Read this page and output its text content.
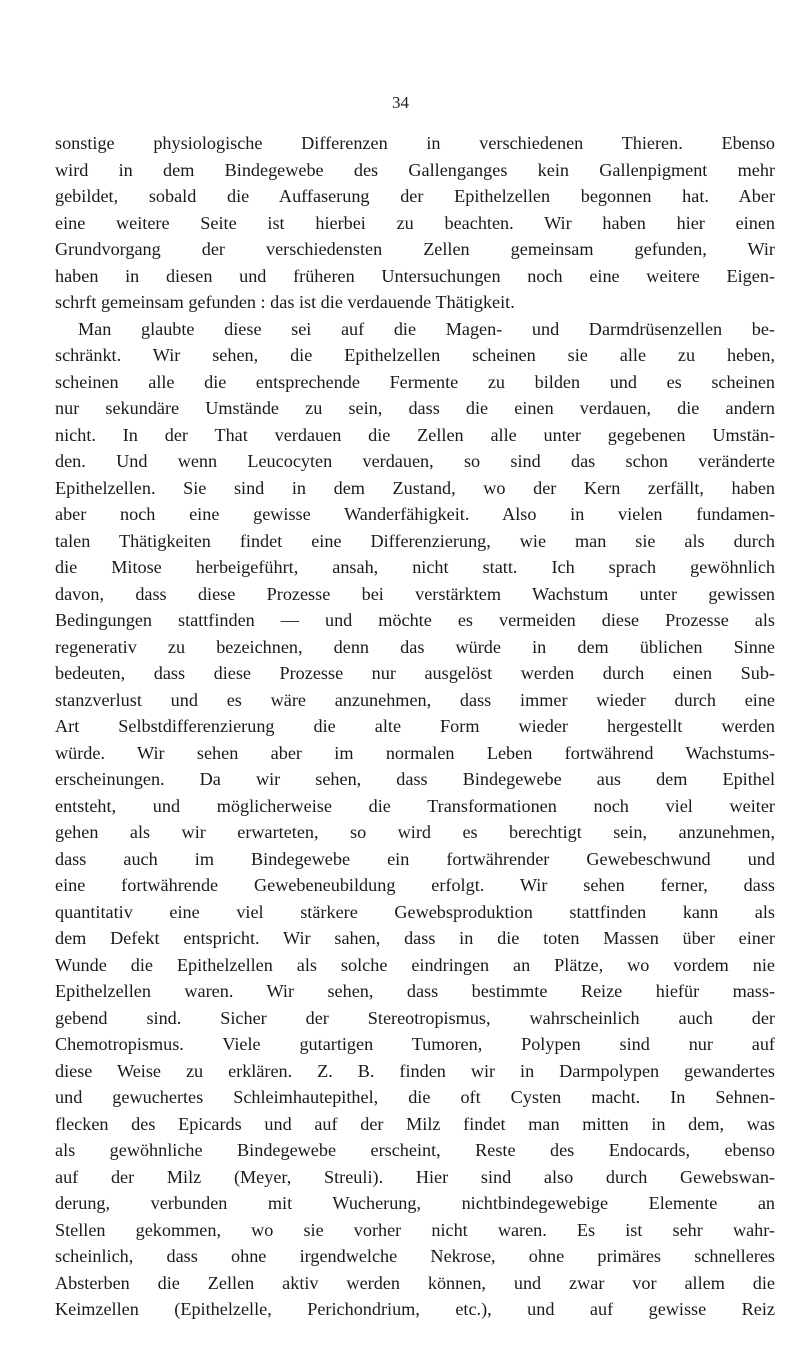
34
sonstige physiologische Differenzen in verschiedenen Thieren. Ebenso
wird in dem Bindegewebe des Gallenganges kein Gallenpigment mehr
gebildet, sobald die Auffaserung der Epithelzellen begonnen hat. Aber
eine weitere Seite ist hierbei zu beachten. Wir haben hier einen
Grundvorgang der verschiedensten Zellen gemeinsam gefunden, Wir
haben in diesen und früheren Untersuchungen noch eine weitere Eigen-
schrft gemeinsam gefunden : das ist die verdauende Thätigkeit.
Man glaubte diese sei auf die Magen- und Darmdrüsenzellen be-
schränkt. Wir sehen, die Epithelzellen scheinen sie alle zu heben,
scheinen alle die entsprechende Fermente zu bilden und es scheinen
nur sekundäre Umstände zu sein, dass die einen verdauen, die andern
nicht. In der That verdauen die Zellen alle unter gegebenen Umstän-
den. Und wenn Leucocyten verdauen, so sind das schon veränderte
Epithelzellen. Sie sind in dem Zustand, wo der Kern zerfällt, haben
aber noch eine gewisse Wanderfähigkeit. Also in vielen fundamen-
talen Thätigkeiten findet eine Differenzierung, wie man sie als durch
die Mitose herbeigeführt, ansah, nicht statt. Ich sprach gewöhnlich
davon, dass diese Prozesse bei verstärktem Wachstum unter gewissen
Bedingungen stattfinden — und möchte es vermeiden diese Prozesse als
regenerativ zu bezeichnen, denn das würde in dem üblichen Sinne
bedeuten, dass diese Prozesse nur ausgelöst werden durch einen Sub-
stanzverlust und es wäre anzunehmen, dass immer wieder durch eine
Art Selbstdifferenzierung die alte Form wieder hergestellt werden
würde. Wir sehen aber im normalen Leben fortwährend Wachstums-
erscheinungen. Da wir sehen, dass Bindegewebe aus dem Epithel
entsteht, und möglicherweise die Transformationen noch viel weiter
gehen als wir erwarteten, so wird es berechtigt sein, anzunehmen,
dass auch im Bindegewebe ein fortwährender Gewebeschwund und
eine fortwährende Gewebeneubildung erfolgt. Wir sehen ferner, dass
quantitativ eine viel stärkere Gewebsproduktion stattfinden kann als
dem Defekt entspricht. Wir sahen, dass in die toten Massen über einer
Wunde die Epithelzellen als solche eindringen an Plätze, wo vordem nie
Epithelzellen waren. Wir sehen, dass bestimmte Reize hiefür mass-
gebend sind. Sicher der Stereotropismus, wahrscheinlich auch der
Chemotropismus. Viele gutartigen Tumoren, Polypen sind nur auf
diese Weise zu erklären. Z. B. finden wir in Darmpolypen gewandertes
und gewuchertes Schleimhautepithel, die oft Cysten macht. In Sehnen-
flecken des Epicards und auf der Milz findet man mitten in dem, was
als gewöhnliche Bindegewebe erscheint, Reste des Endocards, ebenso
auf der Milz (Meyer, Streuli). Hier sind also durch Gewebswan-
derung, verbunden mit Wucherung, nichtbindegewebige Elemente an
Stellen gekommen, wo sie vorher nicht waren. Es ist sehr wahr-
scheinlich, dass ohne irgendwelche Nekrose, ohne primäres schnelleres
Absterben die Zellen aktiv werden können, und zwar vor allem die
Keimzellen (Epithelzelle, Perichondrium, etc.), und auf gewisse Reiz
